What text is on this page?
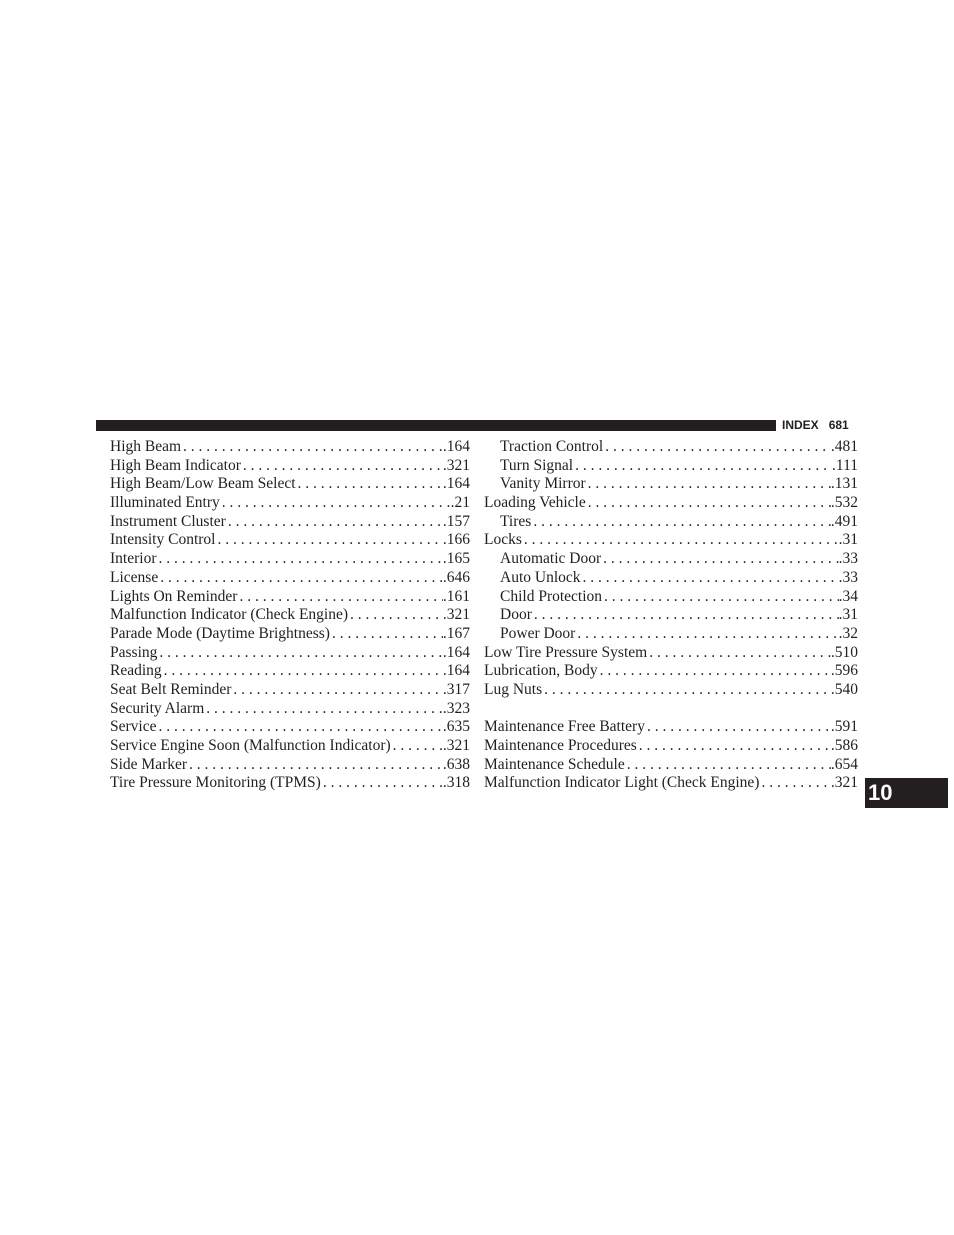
INDEX 681
High Beam . . .	.164
High Beam Indicator . . .	.321
High Beam/Low Beam Select . . .	.164
Illuminated Entry . . .	.21
Instrument Cluster . . .	.157
Intensity Control . . .	.166
Interior . . .	.165
License . . .	.646
Lights On Reminder . . .	.161
Malfunction Indicator (Check Engine) . . .	.321
Parade Mode (Daytime Brightness) . . .	.167
Passing . . .	.164
Reading . . .	.164
Seat Belt Reminder . . .	.317
Security Alarm . . .	.323
Service . . .	.635
Service Engine Soon (Malfunction Indicator) . . .	.321
Side Marker . . .	.638
Tire Pressure Monitoring (TPMS) . . .	.318
Traction Control . . .	.481
Turn Signal . . .	.111
Vanity Mirror . . .	.131
Loading Vehicle . . .	.532
Tires . . .	.491
Locks . . .	.31
Automatic Door . . .	.33
Auto Unlock . . .	.33
Child Protection . . .	.34
Door . . .	.31
Power Door . . .	.32
Low Tire Pressure System . . .	.510
Lubrication, Body . . .	.596
Lug Nuts . . .	.540
Maintenance Free Battery . . .	.591
Maintenance Procedures . . .	.586
Maintenance Schedule . . .	.654
Malfunction Indicator Light (Check Engine) . . .	.321 10
